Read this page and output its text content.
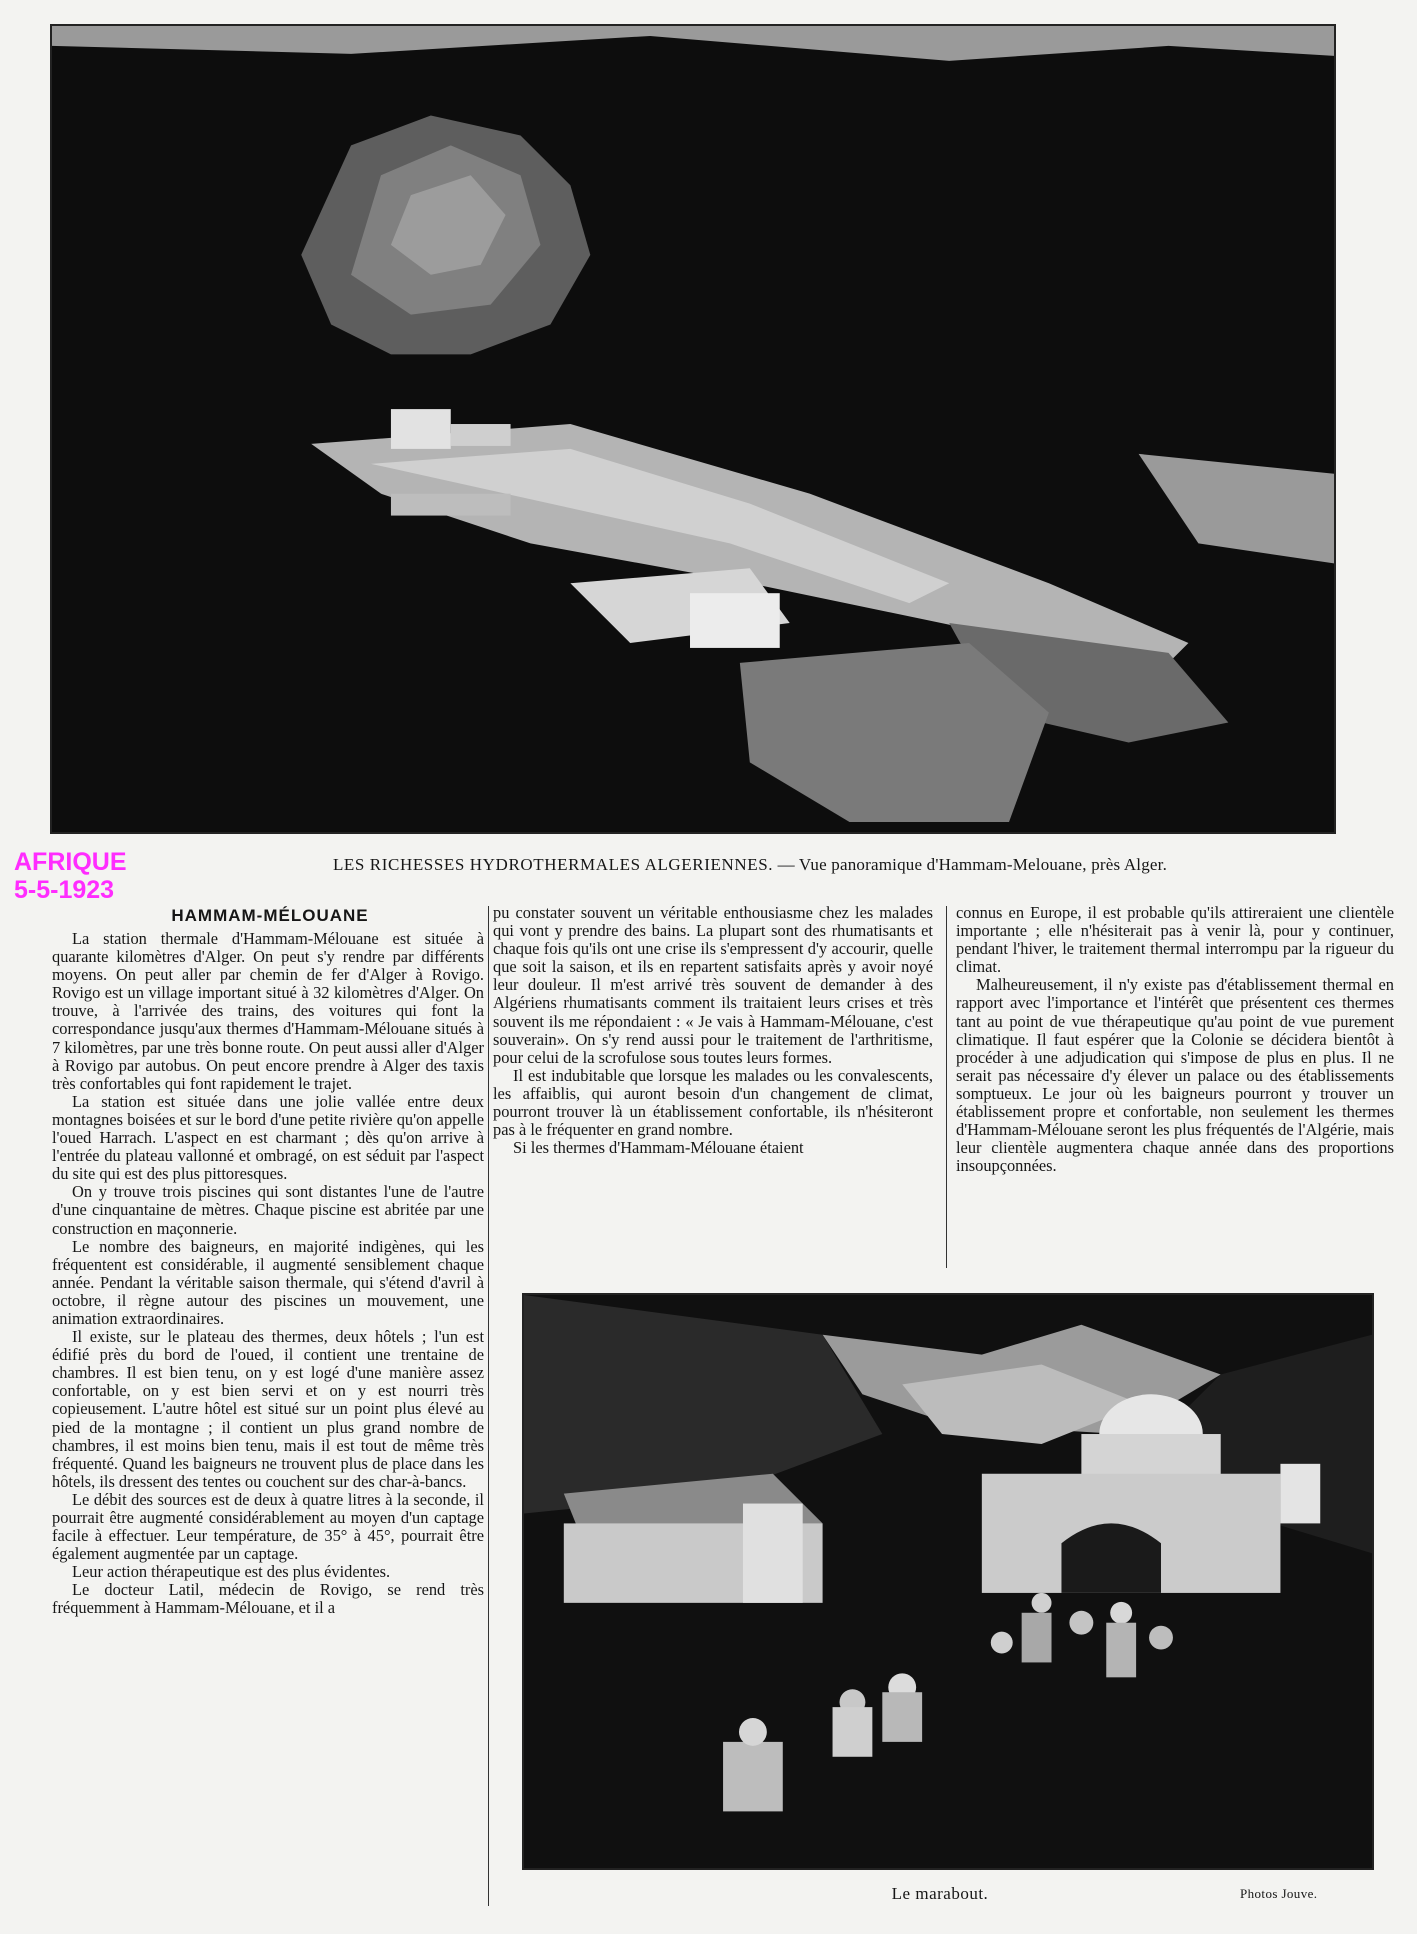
AFRIQUE
5-5-1923
LES RICHESSES HYDROTHERMALES ALGERIENNES. — Vue panoramique d'Hammam-Melouane, près Alger.
HAMMAM-MÉLOUANE

La station thermale d'Hammam-Mélouane est située à quarante kilomètres d'Alger. On peut s'y rendre par différents moyens. On peut aller par chemin de fer d'Alger à Rovigo. Rovigo est un village important situé à 32 kilomètres d'Alger. On trouve, à l'arrivée des trains, des voitures qui font la correspondance jusqu'aux thermes d'Hammam-Mélouane situés à 7 kilomètres, par une très bonne route. On peut aussi aller d'Alger à Rovigo par autobus. On peut encore prendre à Alger des taxis très confortables qui font rapidement le trajet.

La station est située dans une jolie vallée entre deux montagnes boisées et sur le bord d'une petite rivière qu'on appelle l'oued Harrach. L'aspect en est charmant ; dès qu'on arrive à l'entrée du plateau vallonné et ombragé, on est séduit par l'aspect du site qui est des plus pittoresques.

On y trouve trois piscines qui sont distantes l'une de l'autre d'une cinquantaine de mètres. Chaque piscine est abritée par une construction en maçonnerie.

Le nombre des baigneurs, en majorité indigènes, qui les fréquentent est considérable, il augmenté sensiblement chaque année. Pendant la véritable saison thermale, qui s'étend d'avril à octobre, il règne autour des piscines un mouvement, une animation extraordinaires.

Il existe, sur le plateau des thermes, deux hôtels ; l'un est édifié près du bord de l'oued, il contient une trentaine de chambres. Il est bien tenu, on y est logé d'une manière assez confortable, on y est bien servi et on y est nourri très copieusement. L'autre hôtel est situé sur un point plus élevé au pied de la montagne ; il contient un plus grand nombre de chambres, il est moins bien tenu, mais il est tout de même très fréquenté. Quand les baigneurs ne trouvent plus de place dans les hôtels, ils dressent des tentes ou couchent sur des char-à-bancs.

Le débit des sources est de deux à quatre litres à la seconde, il pourrait être augmenté considérablement au moyen d'un captage facile à effectuer. Leur température, de 35° à 45°, pourrait être également augmentée par un captage.

Leur action thérapeutique est des plus évidentes.

Le docteur Latil, médecin de Rovigo, se rend très fréquemment à Hammam-Mélouane, et il a

pu constater souvent un véritable enthousiasme chez les malades qui vont y prendre des bains. La plupart sont des rhumatisants et chaque fois qu'ils ont une crise ils s'empressent d'y accourir, quelle que soit la saison, et ils en repartent satisfaits après y avoir noyé leur douleur. Il m'est arrivé très souvent de demander à des Algériens rhumatisants comment ils traitaient leurs crises et très souvent ils me répondaient : « Je vais à Hammam-Mélouane, c'est souverain». On s'y rend aussi pour le traitement de l'arthritisme, pour celui de la scrofulose sous toutes leurs formes.

Il est indubitable que lorsque les malades ou les convalescents, les affaiblis, qui auront besoin d'un changement de climat, pourront trouver là un établissement confortable, ils n'hésiteront pas à le fréquenter en grand nombre.

Si les thermes d'Hammam-Mélouane étaient

connus en Europe, il est probable qu'ils attireraient une clientèle importante ; elle n'hésiterait pas à venir là, pour y continuer, pendant l'hiver, le traitement thermal interrompu par la rigueur du climat.

Malheureusement, il n'y existe pas d'établissement thermal en rapport avec l'importance et l'intérêt que présentent ces thermes tant au point de vue thérapeutique qu'au point de vue purement climatique. Il faut espérer que la Colonie se décidera bientôt à procéder à une adjudication qui s'impose de plus en plus. Il ne serait pas nécessaire d'y élever un palace ou des établissements somptueux. Le jour où les baigneurs pourront y trouver un établissement propre et confortable, non seulement les thermes d'Hammam-Mélouane seront les plus fréquentés de l'Algérie, mais leur clientèle augmentera chaque année dans des proportions insoupçonnées.

Le marabout.	Photos Jouve.
